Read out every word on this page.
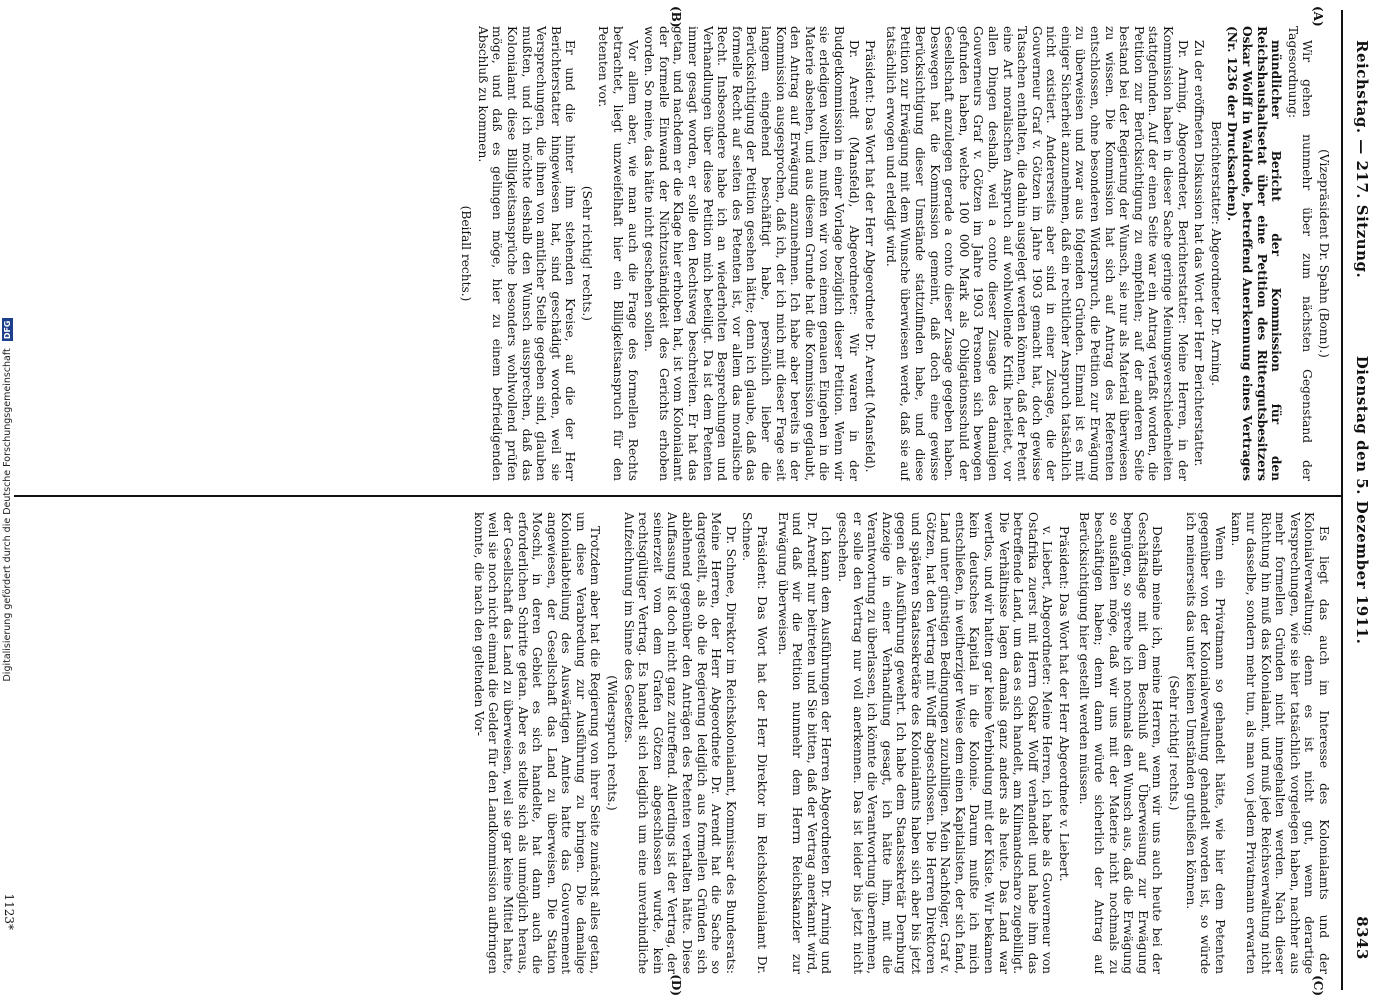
Reichstag. — 217. Sitzung.
Dienstag den 5. Dezember 1911.
8343
(A)
(B)
(C)
(D)

(Vizepräsident Dr. Spahn (Bonn).)

Wir gehen nunmehr über zum nächsten Gegenstand der Tagesordnung:

mündlicher Bericht der Kommission für den Reichshaushaltsetat über eine Petition des Rittergutsbesitzers Oskar Wolff in Waldrode, betreffend Anerkennung eines Vertrages (Nr. 1236 der Drucksachen).

Berichterstatter: Abgeordneter Dr. Arning.

Zu der eröffneten Diskussion hat das Wort der Herr Berichterstatter.

Dr. Arning, Abgeordneter, Berichterstatter: Meine Herren, in der Kommission haben in dieser Sache geringe Meinungsverschiedenheiten stattgefunden. Auf der einen Seite war ein Antrag verfaßt worden, die Petition zur Berücksichtigung zu empfehlen; auf der anderen Seite bestand bei der Regierung der Wunsch, sie nur als Material überwiesen zu wissen. Die Kommission hat sich auf Antrag des Referenten entschlossen, ohne besonderen Widerspruch, die Petition zur Erwägung zu überweisen und zwar aus folgenden Gründen. Einmal ist es mit einiger Sicherheit anzunehmen, daß ein rechtlicher Anspruch tatsächlich nicht existiert. Andererseits aber sind in einer Zusage, die der Gouverneur Graf v. Götzen im Jahre 1903 gemacht hat, doch gewisse Tatsachen enthalten, die dahin ausgelegt werden können, daß der Petent eine Art moralischen Anspruch auf wohlwollende Kritik herleitet, vor allen Dingen deshalb, weil a conto dieser Zusage des damaligen Gouverneurs Graf v. Götzen im Jahre 1903 Personen sich bewogen gefunden haben, welche 100 000 Mark als Obligationsschuld der Gesellschaft anzulegen gerade a conto dieser Zusage gegeben haben. Deswegen hat die Kommission gemeint, daß doch eine gewisse Berücksichtigung dieser Umstände stattzufinden habe, und diese Petition zur Erwägung mit dem Wunsche überwiesen werde, daß sie auf tatsächlich erwogen und erledigt wird.

Präsident: Das Wort hat der Herr Abgeordnete Dr. Arendt (Mansfeld).

Dr. Arendt (Mansfeld), Abgeordneter: Wir waren in der Budgetkommission in einer Vorlage bezüglich dieser Petition. Wenn wir sie erledigen wollten, mußten wir von einem genauen Eingehen in die Materie absehen, und aus diesem Grunde hat die Kommission geglaubt, den Antrag auf Erwägung anzunehmen. Ich habe aber bereits in der Kommission ausgesprochen, daß ich, der ich mich mit dieser Frage seit langem eingehend beschäftigt habe, persönlich lieber die Berücksichtigung der Petition gesehen hätte; denn ich glaube, daß das formelle Recht auf seiten des Petenten ist, vor allem das moralische Recht. Insbesondere habe ich an wiederholten Besprechungen und Verhandlungen über diese Petition mich beteiligt. Da ist dem Petenten immer gesagt worden, er solle den Rechtsweg beschreiten. Er hat das getan, und nachdem er die Klage hier erhoben hat, ist vom Kolonialamt der formelle Einwand der Nichtzuständigkeit des Gerichts erhoben worden. So meine, das hätte nicht geschehen sollen.

Vor allem aber, wie man auch die Frage des formellen Rechts betrachtet, liegt unzweifelhaft hier ein Billigkeitsanspruch für den Petenten vor.

(Sehr richtig! rechts.)

Er und die hinter ihm stehenden Kreise, auf die der Herr Berichterstatter hingewiesen hat, sind geschädigt worden, weil sie Versprechungen, die ihnen von amtlicher Stelle gegeben sind, glauben mußten, und ich möchte deshalb den Wunsch aussprechen, daß das Kolonialamt diese Billigkeitsansprüche besonders wohlwollend prüfen möge, und daß es gelingen möge, hier zu einem befriedigenden Abschluß zu kommen.

(Beifall rechts.)

Es liegt das auch im Interesse des Kolonialamts und der Kolonialverwaltung; denn es ist nicht gut, wenn derartige Versprechungen, wie sie hier tatsächlich vorgelegen haben, nachher aus mehr formellen Gründen nicht innegehalten werden. Nach dieser Richtung hin muß das Kolonialamt, und muß jede Reichsverwaltung nicht nur dasselbe, sondern mehr tun, als man von jedem Privatmann erwarten kann.

Wenn ein Privatmann so gehandelt hätte, wie hier dem Petenten gegenüber von der Kolonialverwaltung gehandelt worden ist, so würde ich meinerseits das unter keinen Umständen gutheißen können.

(Sehr richtig! rechts.)

Deshalb meine ich, meine Herren, wenn wir uns auch heute bei der Geschäftslage mit dem Beschluß auf Überweisung zur Erwägung begnügen, so spreche ich nochmals den Wunsch aus, daß die Erwägung so ausfallen möge, daß wir uns mit der Materie nicht nochmals zu beschäftigen haben; denn dann würde sicherlich der Antrag auf Berücksichtigung hier gestellt werden müssen.

Präsident: Das Wort hat der Herr Abgeordnete v. Liebert.

v. Liebert, Abgeordneter: Meine Herren, ich habe als Gouverneur von Ostafrika zuerst mit Herrn Oskar Wolff verhandelt und habe ihm das betreffende Land, um das es sich handelt, am Kilimandscharo zugebilligt. Die Verhältnisse lagen damals ganz anders als heute. Das Land war wertlos, und wir hatten gar keine Verbindung mit der Küste. Wir bekamen kein deutsches Kapital in die Kolonie. Darum mußte ich mich entschließen, in weitherziger Weise dem einen Kapitalisten, der sich fand, Land unter günstigen Bedingungen zuzubilligen. Mein Nachfolger, Graf v. Götzen, hat den Vertrag mit Wolff abgeschlossen. Die Herren Direktoren und späteren Staatssekretäre des Kolonialamts haben sich aber bis jetzt gegen die Ausführung gewehrt. Ich habe dem Staatssekretär Dernburg Anzeige in einer Verhandlung gesagt, ich hätte ihm, mit die Verantwortung zu überlassen, ich könnte die Verantwortung übernehmen, er solle den Vertrag nur voll anerkennen. Das ist leider bis jetzt nicht geschehen.

Ich kann dem Ausführungen der Herren Abgeordneten Dr. Arning und Dr. Arendt nur beitreten und Sie bitten, daß der Vertrag anerkannt wird, und daß wir die Petition nunmehr dem Herrn Reichskanzler zur Erwägung überweisen.

Präsident: Das Wort hat der Herr Direktor im Reichskolonialamt Dr. Schnee.

Dr. Schnee, Direktor im Reichskolonialamt, Kommissar des Bundesrats: Meine Herren, der Herr Abgeordnete Dr. Arendt hat die Sache so dargestellt, als ob die Regierung lediglich aus formellen Gründen sich ablehnend gegenüber den Anträgen des Petenten verhalten hätte. Diese Auffassung ist doch nicht ganz zutreffend. Allerdings ist der Vertrag, der seinerzeit vom dem Grafen Götzen abgeschlossen wurde, kein rechtsgültiger Vertrag. Es handelt sich lediglich um eine unverbindliche Aufzeichnung im Sinne des Gesetzes.

(Widerspruch rechts.)

Trotzdem aber hat die Regierung von ihrer Seite zunächst alles getan, um diese Verabredung zur Ausführung zu bringen. Die damalige Kolonialabteilung des Auswärtigen Amtes hatte das Gouvernement angewiesen, der Gesellschaft das Land zu überweisen. Die Station Moschi, in deren Gebiet es sich handelte, hat dann auch die erforderlichen Schritte getan. Aber es stellte sich als unmöglich heraus, der Gesellschaft das Land zu überweisen, weil sie gar keine Mittel hatte, weil sie noch nicht einmal die Gelder für den Landkommission aufbringen konnte, die nach den geltenden Vor-

1123*
Digitalisierung gefördert durch die Deutsche Forschungsgemeinschaft DFG
